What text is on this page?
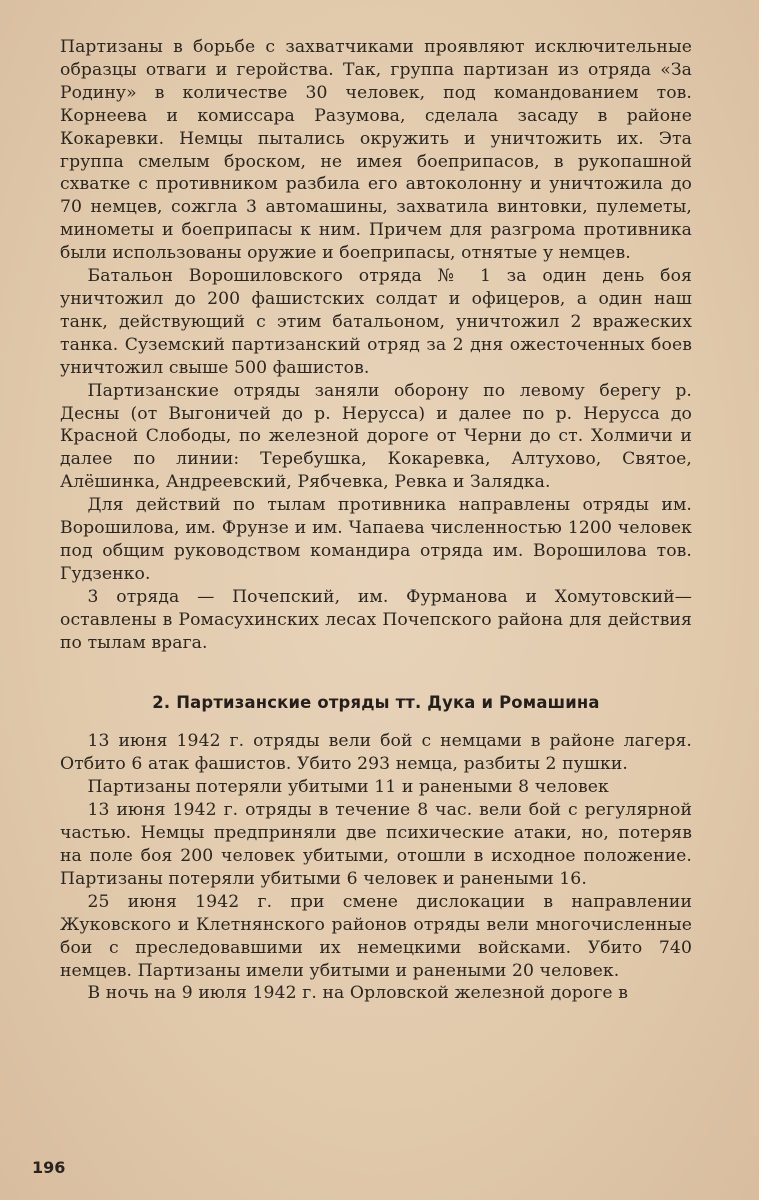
Партизаны в борьбе с захватчиками проявляют исключительные образцы отваги и геройства. Так, группа партизан из отряда «За Родину» в количестве 30 человек, под командованием тов. Корнеева и комиссара Разумова, сделала засаду в районе Кокаревки. Немцы пытались окружить и уничтожить их. Эта группа смелым броском, не имея боеприпасов, в рукопашной схватке с противником разбила его автоколонну и уничтожила до 70 немцев, сожгла 3 автомашины, захватила винтовки, пулеметы, минометы и боеприпасы к ним. Причем для разгрома противника были использованы оружие и боеприпасы, отнятые у немцев.

Батальон Ворошиловского отряда № 1 за один день боя уничтожил до 200 фашистских солдат и офицеров, а один наш танк, действующий с этим батальоном, уничтожил 2 вражеских танка. Суземский партизанский отряд за 2 дня ожесточенных боев уничтожил свыше 500 фашистов.

Партизанские отряды заняли оборону по левому берегу р. Десны (от Выгоничей до р. Нерусса) и далее по р. Нерусса до Красной Слободы, по железной дороге от Черни до ст. Холмичи и далее по линии: Теребушка, Кокаревка, Алтухово, Святое, Алёшинка, Андреевский, Рябчевка, Ревка и Залядка.

Для действий по тылам противника направлены отряды им. Ворошилова, им. Фрунзе и им. Чапаева численностью 1200 человек под общим руководством командира отряда им. Ворошилова тов. Гудзенко.

3 отряда — Почепский, им. Фурманова и Хомутовский— оставлены в Ромасухинских лесах Почепского района для действия по тылам врага.

2. Партизанские отряды тт. Дука и Ромашина

13 июня 1942 г. отряды вели бой с немцами в районе лагеря. Отбито 6 атак фашистов. Убито 293 немца, разбиты 2 пушки.

Партизаны потеряли убитыми 11 и ранеными 8 человек

13 июня 1942 г. отряды в течение 8 час. вели бой с регулярной частью. Немцы предприняли две психические атаки, но, потеряв на поле боя 200 человек убитыми, отошли в исходное положение. Партизаны потеряли убитыми 6 человек и ранеными 16.

25 июня 1942 г. при смене дислокации в направлении Жуковского и Клетнянского районов отряды вели многочисленные бои с преследовавшими их немецкими войсками. Убито 740 немцев. Партизаны имели убитыми и ранеными 20 человек.

В ночь на 9 июля 1942 г. на Орловской железной дороге в

196
